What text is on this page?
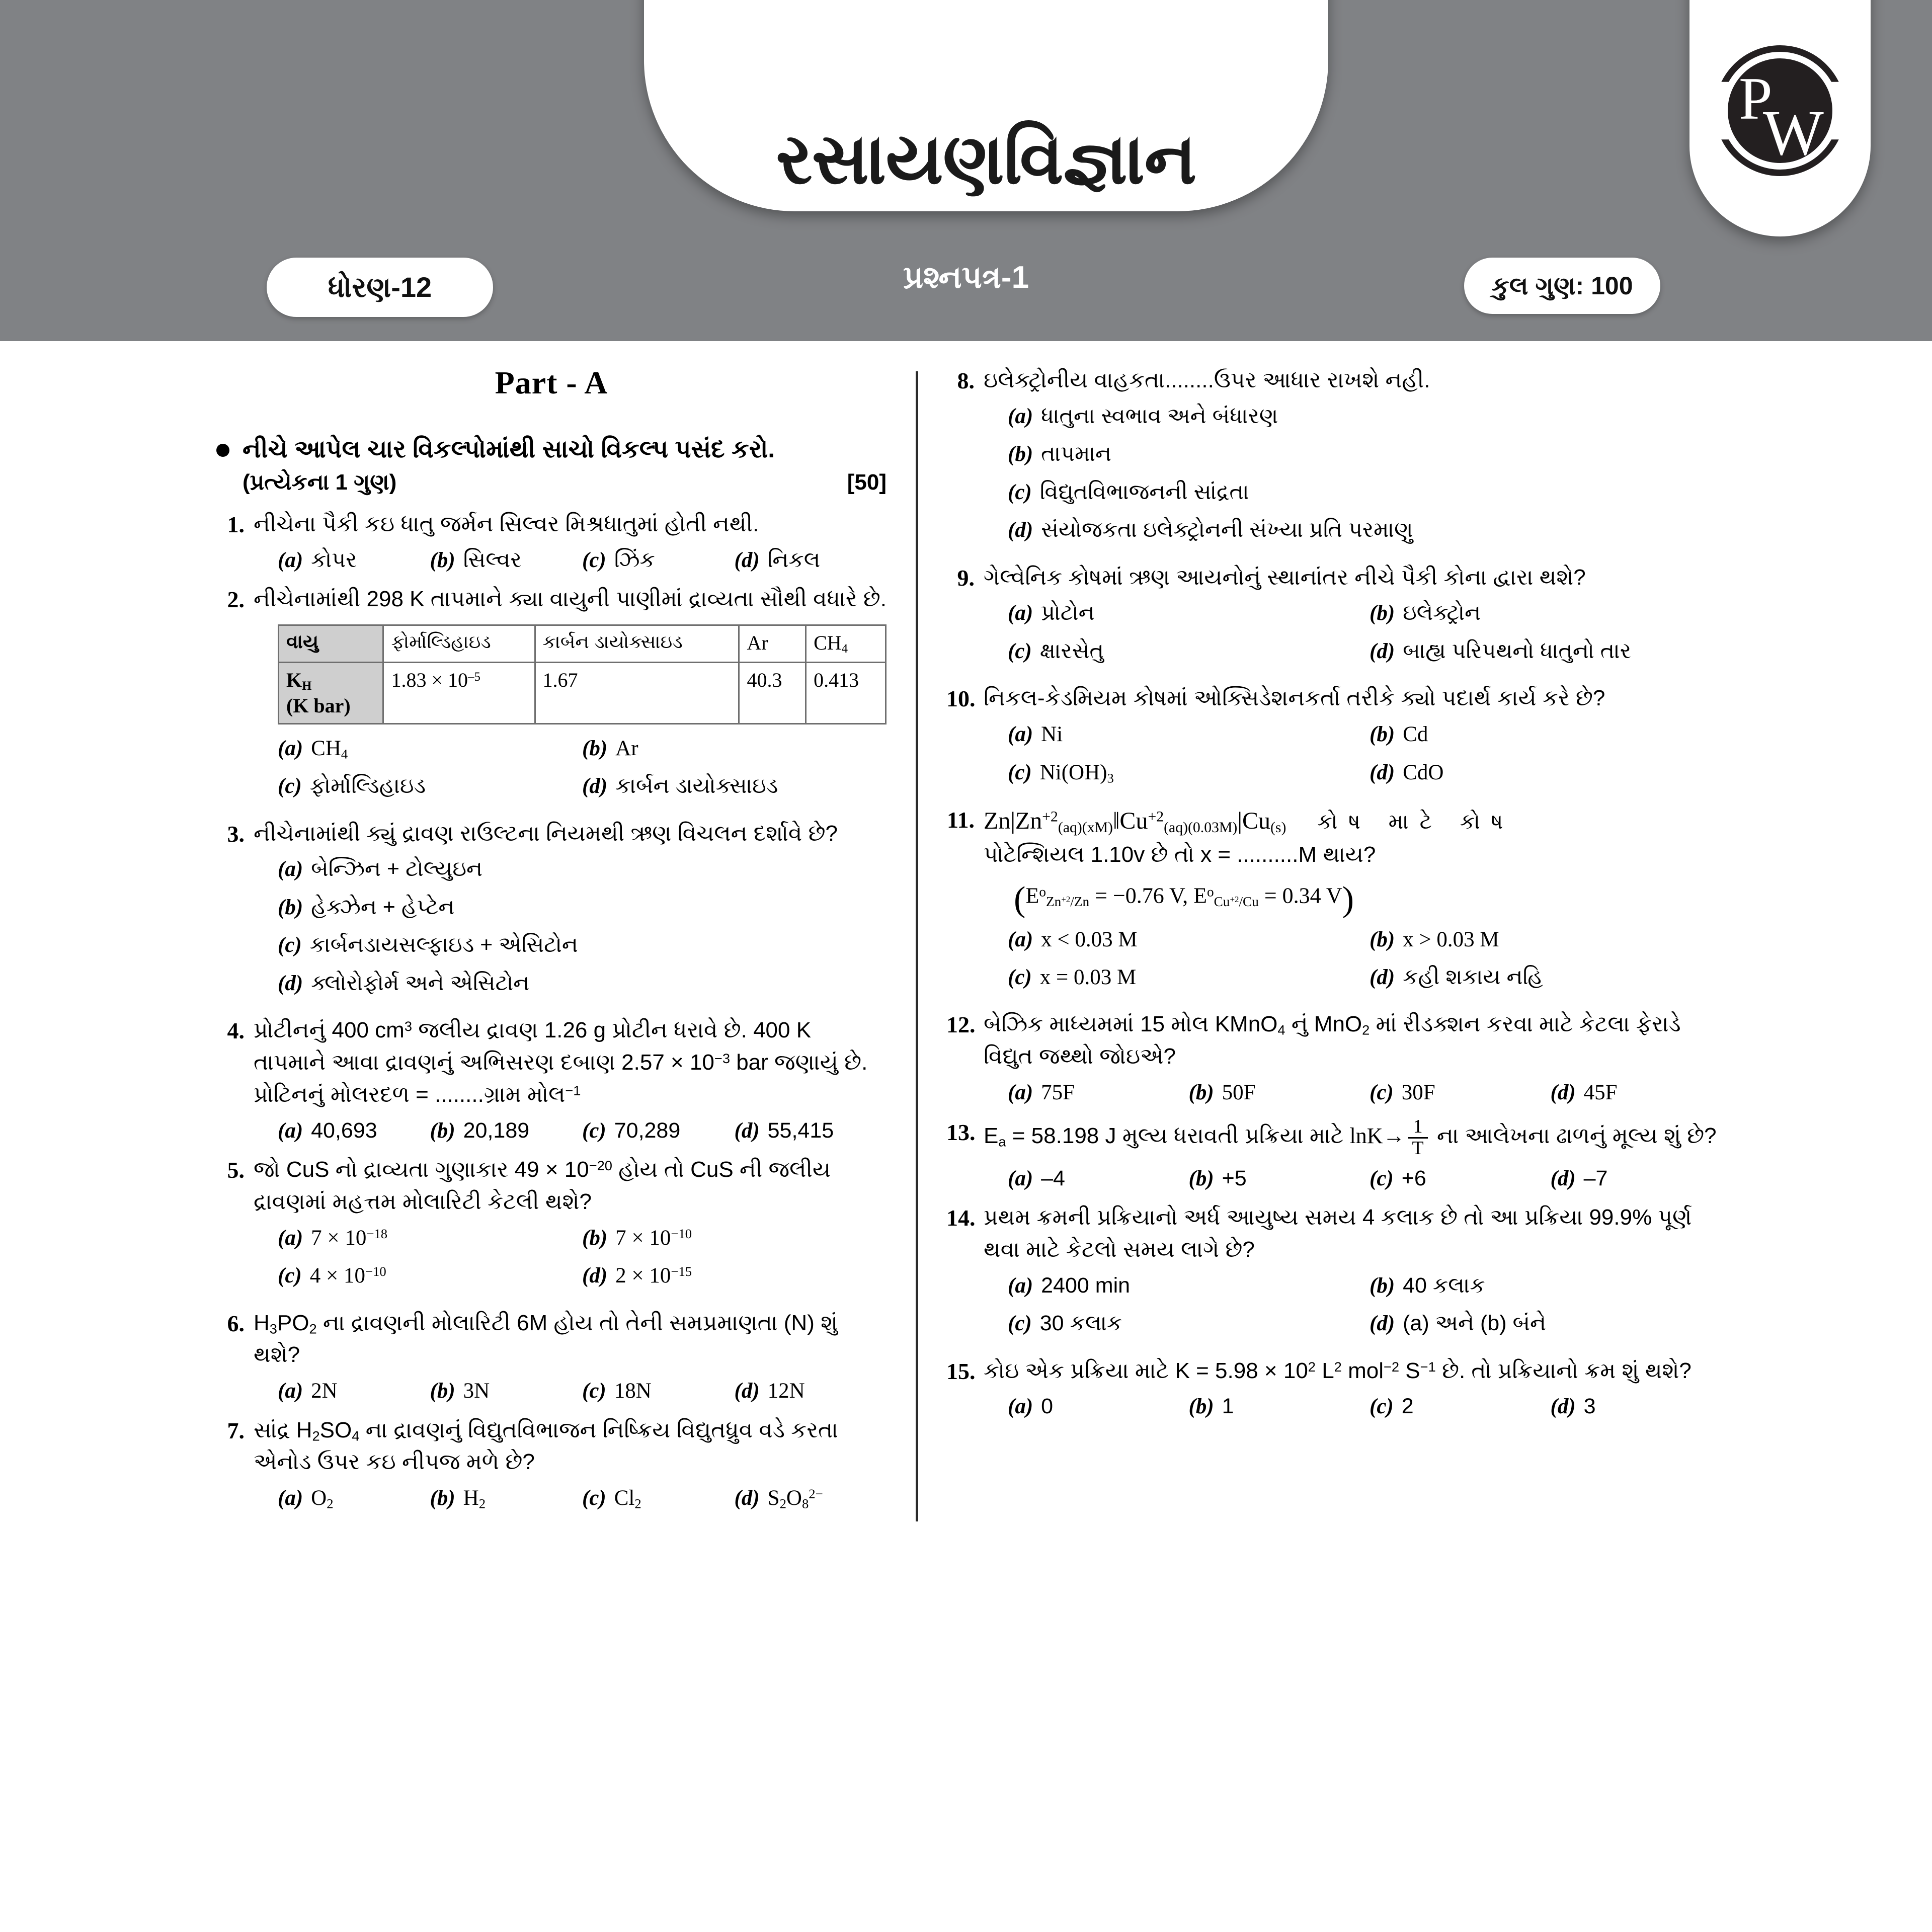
રસાયણવિજ્ઞાન
P
W
ધોરણ-12	પ્રશ્નપત્ર-1	કુલ ગુણ: 100
Part - A
નીચે આપેલ ચાર વિકલ્પોમાંથી સાચો વિકલ્પ પસંદ કરો.
(પ્રત્યેકના 1 ગુણ)	[50]
1. નીચેના પૈકી કઇ ધાતુ જર્મન સિલ્વર મિશ્રધાતુમાં હોતી નથી.
(a) કોપર	(b) સિલ્વર	(c) ઝિંક	(d) નિકલ
2. નીચેનામાંથી 298 K તાપમાને ક્યા વાયુની પાણીમાં દ્રાવ્યતા સૌથી વધારે છે.
વાયુ	ફોર્માલ્ડિહાઇડ	કાર્બન ડાયોક્સાઇડ	Ar	$CH_4$
$K_H$
(K bar)	$1.83 \times 10^{-5}$	1.67	40.3	0.413
(a) $CH_4$	(b) Ar
(c) ફોર્માલ્ડિહાઇડ	(d) કાર્બન ડાયોક્સાઇડ
3. નીચેનામાંથી ક્યું દ્રાવણ રાઉલ્ટના નિયમથી ઋણ વિચલન દર્શાવે છે?
(a) બેન્ઝિન + ટોલ્યુઇન
(b) હેક્ઝેન + હેપ્ટેન
(c) કાર્બનડાયસલ્ફાઇડ + એસિટોન
(d) ક્લોરોફોર્મ અને એસિટોન
4. પ્રોટીનનું 400 $cm^3$ જલીય દ્રાવણ 1.26 g પ્રોટીન ધરાવે છે. 400 K તાપમાને આવા દ્રાવણનું અભિસરણ દબાણ $2.57 \times 10^{-3}$ bar જણાયું છે. પ્રોટિનનું મોલરદળ = ........ગ્રામ મોલ$^{-1}$
(a) 40,693	(b) 20,189	(c) 70,289	(d) 55,415
5. જો CuS નો દ્રાવ્યતા ગુણાકાર $49 \times 10^{-20}$ હોય તો CuS ની જલીય દ્રાવણમાં મહત્તમ મોલારિટી કેટલી થશે?
(a) $7 \times 10^{-18}$	(b) $7 \times 10^{-10}$
(c) $4 \times 10^{-10}$	(d) $2 \times 10^{-15}$
6. $H_3PO_2$ ના દ્રાવણની મોલારિટી 6M હોય તો તેની સમપ્રમાણતા (N) શું થશે?
(a) 2N	(b) 3N	(c) 18N	(d) 12N
7. સાંદ્ર $H_2SO_4$ ના દ્રાવણનું વિદ્યુતવિભાજન નિષ્ક્રિય વિદ્યુતધ્રુવ વડે કરતા એનોડ ઉપર કઇ નીપજ મળે છે?
(a) $O_2$	(b) $H_2$	(c) $Cl_2$	(d) $S_2O_8^{2-}$
8. ઇલેક્ટ્રોનીય વાહકતા........ઉપર આધાર રાખશે નહી.
(a) ધાતુના સ્વભાવ અને બંધારણ
(b) તાપમાન
(c) વિદ્યુતવિભાજનની સાંદ્રતા
(d) સંયોજકતા ઇલેક્ટ્રોનની સંખ્યા પ્રતિ પરમાણુ
9. ગેલ્વેનિક કોષમાં ઋણ આયનોનું સ્થાનાંતર નીચે પૈકી કોના દ્વારા થશે?
(a) પ્રોટોન	(b) ઇલેક્ટ્રોન
(c) ક્ષારસેતુ	(d) બાહ્ય પરિપથનો ધાતુનો તાર
10. નિકલ-કેડમિયમ કોષમાં ઓક્સિડેશનકર્તા તરીકે ક્યો પદાર્થ કાર્ય કરે છે?
(a) Ni	(b) Cd
(c) $Ni(OH)_3$	(d) CdO
11. $Zn|Zn^{+2}_{(aq)(xM)}‖Cu^{+2}_{(aq)(0.03M)}|Cu_{(s)}$ કોષ માટે કોષ
પોટેન્શિયલ 1.10v છે તો x = ..........M થાય?
($E^o_{Zn^{+2}/Zn} = -0.76$ V, $E^o_{Cu^{+2}/Cu} = 0.34$ V)
(a) x < 0.03 M	(b) x > 0.03 M
(c) x = 0.03 M	(d) કહી શકાય નહિ
12. બેઝિક માધ્યમમાં 15 મોલ KMnO$_4$ નું MnO$_2$ માં રીડક્શન કરવા માટે કેટલા ફેરાડે વિદ્યુત જથ્થો જોઇએ?
(a) 75F	(b) 50F	(c) 30F	(d) 45F
13. $E_a = 58.198$ J મુલ્ય ધરાવતી પ્રક્રિયા માટે $\ln K\to \frac{1}{T}$ ના આલેખના ઢાળનું મૂલ્ય શું છે?
(a) –4	(b) +5	(c) +6	(d) –7
14. પ્રથમ ક્રમની પ્રક્રિયાનો અર્ધ આયુષ્ય સમય 4 કલાક છે તો આ પ્રક્રિયા 99.9% પૂર્ણ થવા માટે કેટલો સમય લાગે છે?
(a) 2400 min	(b) 40 કલાક
(c) 30 કલાક	(d) (a) અને (b) બંને
15. કોઇ એક પ્રક્રિયા માટે $K = 5.98 \times 10^2$ $L^2$ mol$^{-2}$ $S^{-1}$ છે. તો પ્રક્રિયાનો ક્રમ શું થશે?
(a) 0	(b) 1	(c) 2	(d) 3
